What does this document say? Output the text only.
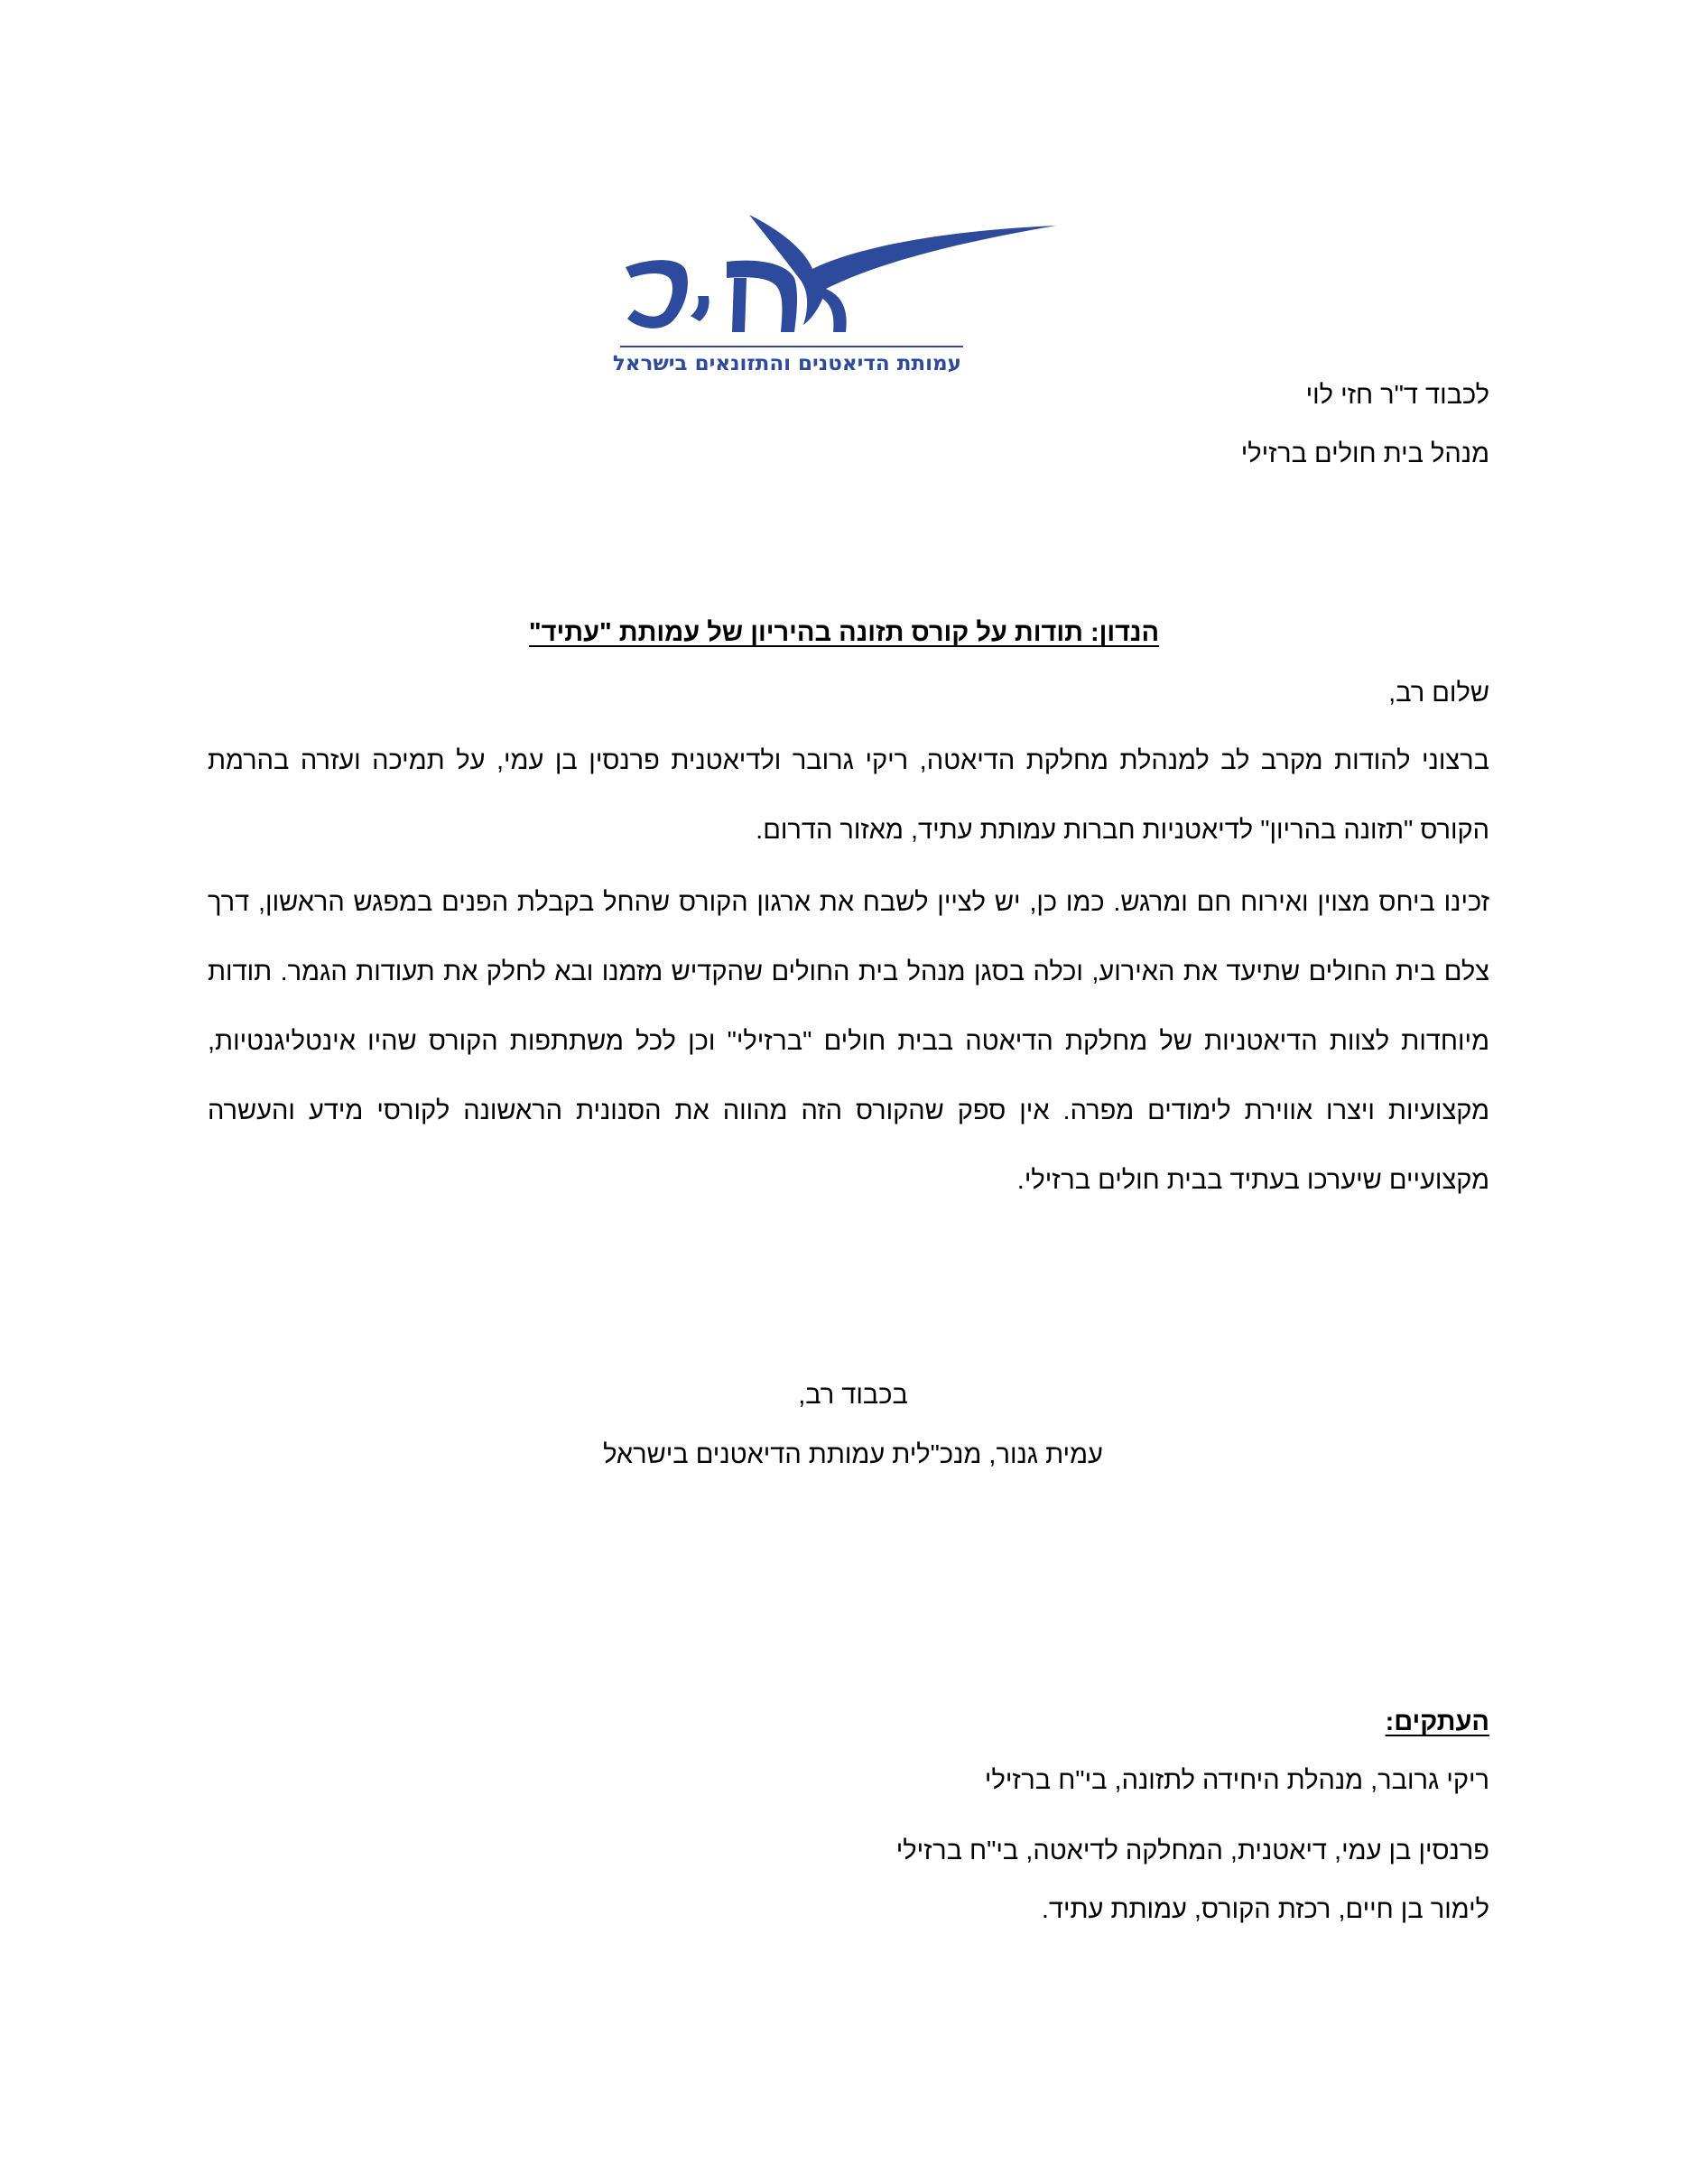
עמותת הדיאטנים והתזונאים בישראל
לכבוד ד"ר חזי לוי
מנהל בית חולים ברזילי
הנדון: תודות על קורס תזונה בהיריון של עמותת "עתיד"
שלום רב,

ברצוני להודות מקרב לב למנהלת מחלקת הדיאטה, ריקי גרובר ולדיאטנית פרנסין בן עמי, על תמיכה ועזרה בהרמת הקורס "תזונה בהריון" לדיאטניות חברות עמותת עתיד, מאזור הדרום.

זכינו ביחס מצוין ואירוח חם ומרגש. כמו כן, יש לציין לשבח את ארגון הקורס שהחל בקבלת הפנים במפגש הראשון, דרך צלם בית החולים שתיעד את האירוע, וכלה בסגן מנהל בית החולים שהקדיש מזמנו ובא לחלק את תעודות הגמר. תודות מיוחדות לצוות הדיאטניות של מחלקת הדיאטה בבית חולים "ברזילי" וכן לכל משתתפות הקורס שהיו אינטליגנטיות, מקצועיות ויצרו אווירת לימודים מפרה. אין ספק שהקורס הזה מהווה את הסנונית הראשונה לקורסי מידע והעשרה מקצועיים שיערכו בעתיד בבית חולים ברזילי.

בכבוד רב,
עמית גנור, מנכ"לית עמותת הדיאטנים בישראל
העתקים:
ריקי גרובר, מנהלת היחידה לתזונה, בי"ח ברזילי
פרנסין בן עמי, דיאטנית, המחלקה לדיאטה, בי"ח ברזילי
לימור בן חיים, רכזת הקורס, עמותת עתיד.
